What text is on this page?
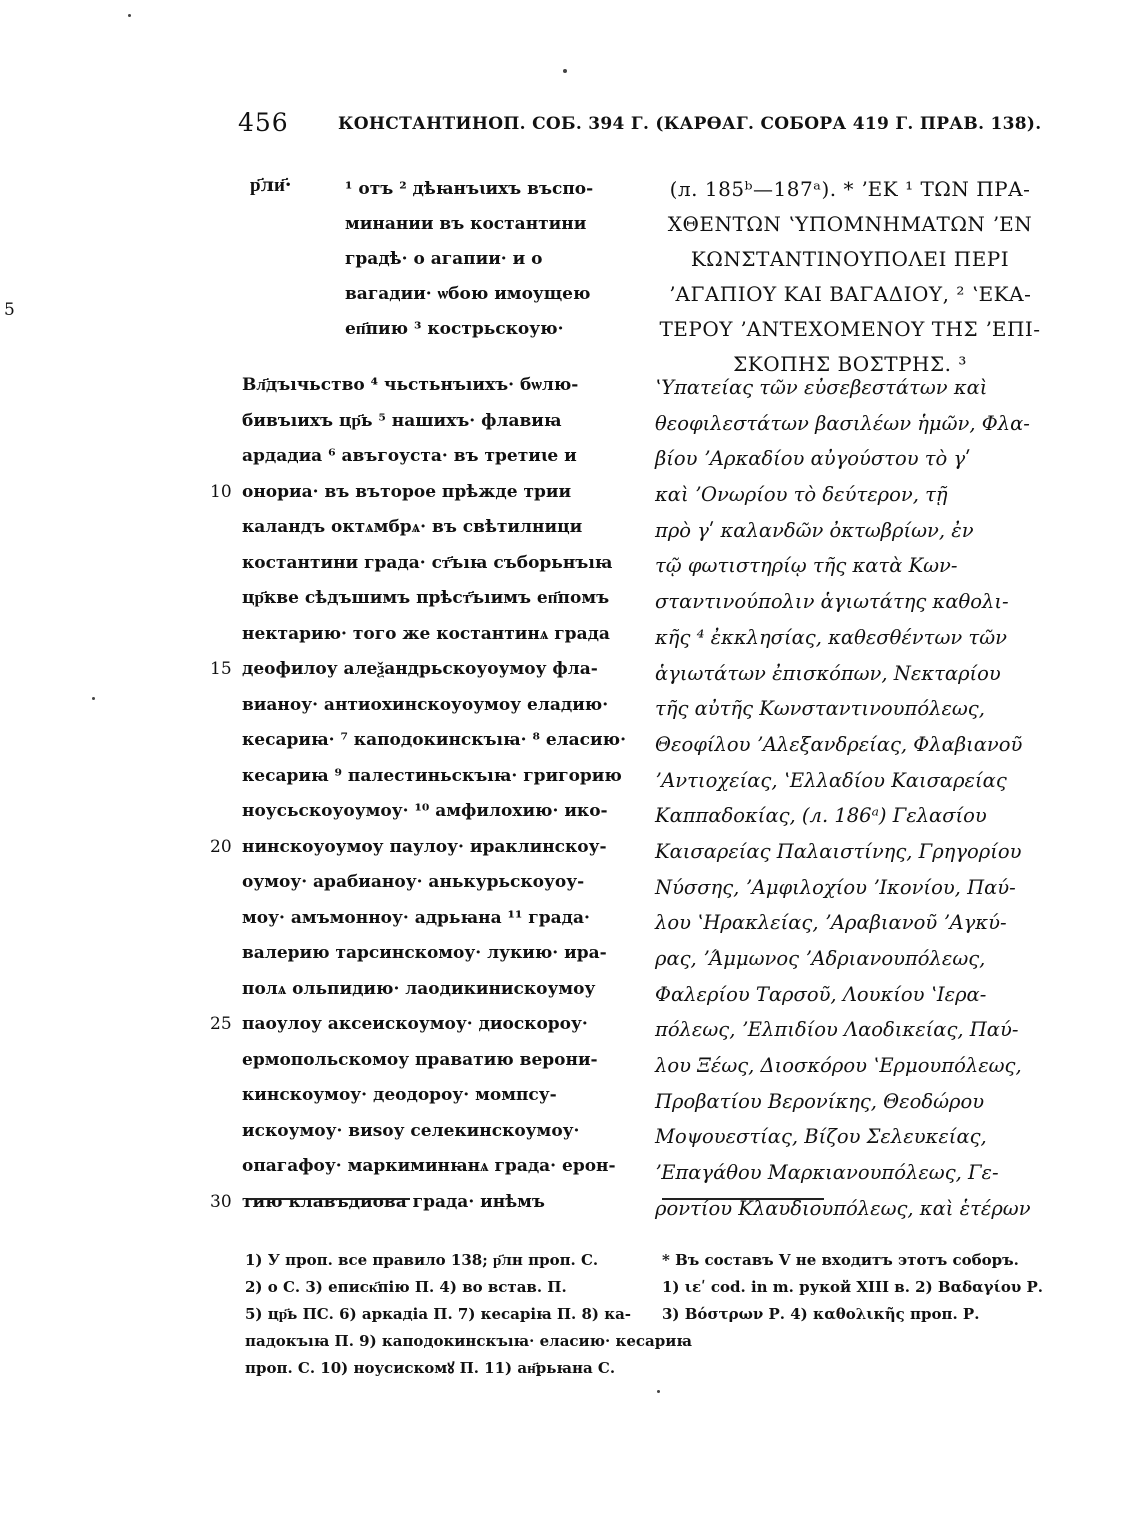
456	КОНСТАНТИНОП. СОБ. 394 Г. (КАРѲАГ. СОБОРА 419 Г. ПРАВ. 138).
р҃ли҃·	¹ отъ ² дѣꙗнъꙇихъ въспо-
минании въ костантини
градѣ· о агапии· и о
вагадии· ѡбою имоущею
еп҃пию ³ кострьскоую·
5
Вл҃дъıчьство ⁴ чьстьнъıихъ· бѡлю-
бивъıихъ цр҃ь ⁵ нашихъ· флавиꙗ
ардадиа ⁶ авъгоуста· въ третиꙇе и
10 онориа· въ въторое прѣжде трии
каландъ октѧмбрѧ· въ свѣтилници
костантини града· ст҃ъıꙗ съборьнъıꙗ
цр҃кве сѣдъшимъ прѣст҃ъıимъ еп҃помъ
нектарию· того же костантинѧ града
15 деофилоу алеѯандрьскоуоумоу фла-
вианоу· антиохинскоуоумоу еладию·
кесариꙗ· ⁷ каподокинскъıꙗ· ⁸ еласию·
кесариꙗ ⁹ палестиньскъıꙗ· григорию
ноусьскоуоумоу· ¹⁰ амфилохию· ико-
20 нинскоуоумоу паулоу· ираклинскоу-
оумоу· арабианоу· анькурьскоуоу-
моу· амъмонноу· адрьꙗна ¹¹ града·
валерию тарсинскомоу· лукию· ира-
полѧ ольпидию· лаодикинискоумоу
25 паоулоу аксеискоумоу· диоскороу·
ермопольскомоу праватию верони-
кинскоумоу· деодороу· момпсу-
искоумоу· виѕоу селекинскоумоу·
опагафоу· маркиминꙗнѧ града· ерон-
30 тию клавъдиова града· инѣмъ
(л. 185ᵇ—187ᵃ). * ʼΕΚ ¹ ΤΩΝ ΠΡΑ-
ΧΘΕΝΤΩΝ ʽΥΠΟΜΝΗΜΑΤΩΝ ʼΕΝ
ΚΩΝΣΤΑΝΤΙΝΟΥΠΟΛΕΙ ΠΕΡΙ
ʼΑΓΑΠΙΟΥ ΚΑΙ ΒΑΓΑΔΙΟΥ, ² ʽΕΚΑ-
ΤΕΡΟΥ ʼΑΝΤΕΧΟΜΕΝΟΥ ΤΗΣ ʼΕΠΙ-
ΣΚΟΠΗΣ ΒΟΣΤΡΗΣ. ³
ʽΥπατείας τῶν εὐσεβεστάτων καὶ
θεοφιλεστάτων βασιλέων ἡμῶν, Φλα-
βίου ʼΑρκαδίου αὐγούστου τὸ γʹ
καὶ ʼΟνωρίου τὸ δεύτερον, τῇ
πρὸ γʹ καλανδῶν ὀκτωβρίων, ἐν
τῷ φωτιστηρίῳ τῆς κατὰ Κων-
σταντινούπολιν ἁγιωτάτης καθολι-
κῆς ⁴ ἐκκλησίας, καθεσθέντων τῶν
ἁγιωτάτων ἐπισκόπων, Νεκταρίου
τῆς αὐτῆς Κωνσταντινουπόλεως,
Θεοφίλου ʼΑλεξανδρείας, Φλαβιανοῦ
ʼΑντιοχείας, ʽΕλλαδίου Καισαρείας
Καππαδοκίας, (л. 186ᵃ) Γελασίου
Καισαρείας Παλαιστίνης, Γρηγορίου
Νύσσης, ʼΑμφιλοχίου ʼΙκονίου, Παύ-
λου ʽΗρακλείας, ʼΑραβιανοῦ ʼΑγκύ-
ρας, ʼΆμμωνος ʼΑδριανουπόλεως,
Φαλερίου Ταρσοῦ, Λουκίου ʽΙερα-
πόλεως, ʼΕλπιδίου Λαοδικείας, Παύ-
λου Ξέως, Διοσκόρου ʽΕρμουπόλεως,
Προβατίου Βερονίκης, Θεοδώρου
Μοψουεστίας, Βίζου Σελευκείας,
ʼΕπαγάθου Μαρκιανουπόλεως, Γε-
ροντίου Κλαυδιουπόλεως, καὶ ἑτέρων
1) У прoп. все правило 138; р҃лн прoп. С.
2) о С. 3) еписк҃пію П. 4) во встав. П.
5) цр҃ь ПС. 6) аркадіа П. 7) кесаріꙗ П. 8) ка-
падокъıꙗ П. 9) каподокинскъıꙗ· еласию· кесариꙗ
проп. С. 10) ноусискомꙋ П. 11) ан҃рьꙗна С.
* Въ составъ V не входитъ этотъ соборъ.
1) ιεʹ cod. in m. рукой XIII в. 2) Βαδαγίου Р.
3) Βόστρων Р. 4) καθολικῆς проп. Р.
